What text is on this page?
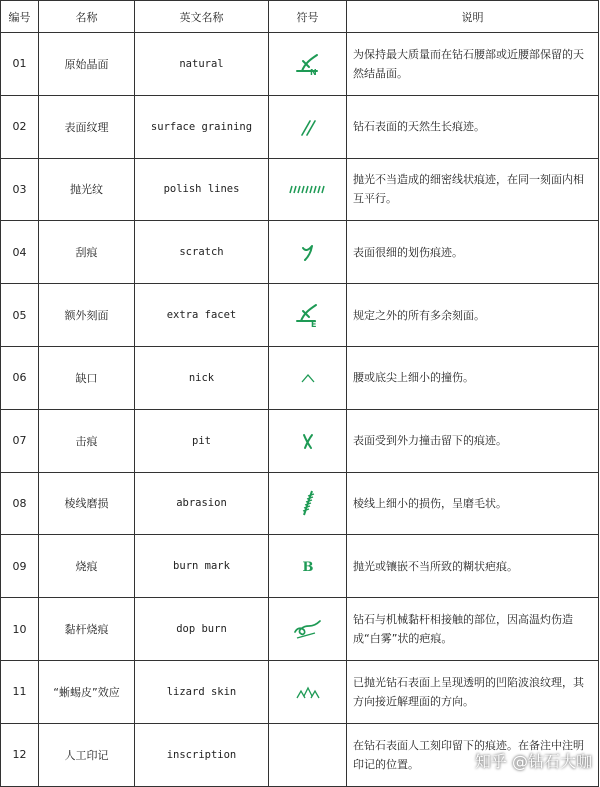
编号	名称	英文名称	符号	说明
01	原始晶面	natural	N	为保持最大质量而在钻石腰部或近腰部保留的天然结晶面。
02	表面纹理	surface graining		钻石表面的天然生长痕迹。
03	抛光纹	polish lines		抛光不当造成的细密线状痕迹，在同一刻面内相互平行。
04	刮痕	scratch		表面很细的划伤痕迹。
05	额外刻面	extra facet	E	规定之外的所有多余刻面。
06	缺口	nick		腰或底尖上细小的撞伤。
07	击痕	pit		表面受到外力撞击留下的痕迹。
08	棱线磨损	abrasion		棱线上细小的损伤，呈磨毛状。
09	烧痕	burn mark	B	抛光或镶嵌不当所致的糊状疤痕。
10	黏杆烧痕	dop burn		钻石与机械黏杆相接触的部位，因高温灼伤造成“白雾”状的疤痕。
11	“蜥蜴皮”效应	lizard skin		已抛光钻石表面上呈现透明的凹陷波浪纹理，其方向接近解理面的方向。
12	人工印记	inscription		在钻石表面人工刻印留下的痕迹。在备注中注明印记的位置。	知乎 @钻石大咖
